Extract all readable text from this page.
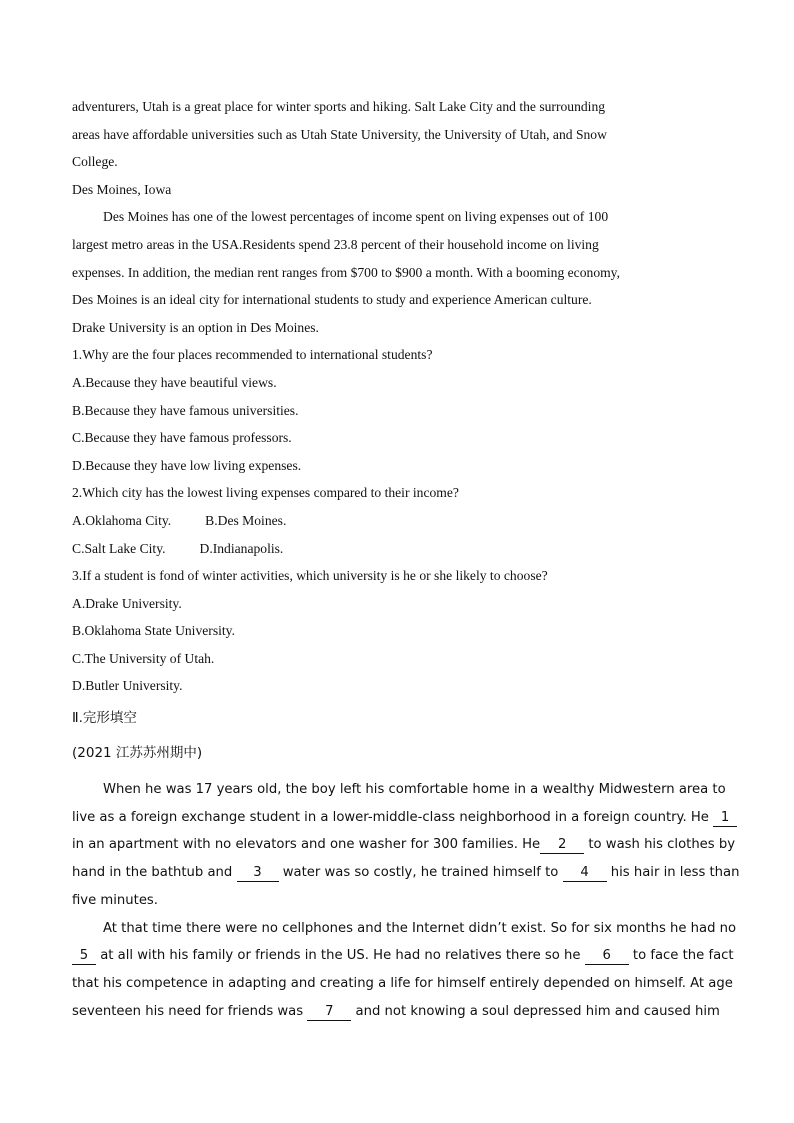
adventurers, Utah is a great place for winter sports and hiking. Salt Lake City and the surrounding
areas have affordable universities such as Utah State University, the University of Utah, and Snow
College.

Des Moines, Iowa

Des Moines has one of the lowest percentages of income spent on living expenses out of 100
largest metro areas in the USA.Residents spend 23.8 percent of their household income on living
expenses. In addition, the median rent ranges from $700 to $900 a month. With a booming economy,
Des Moines is an ideal city for international students to study and experience American culture.
Drake University is an option in Des Moines.

1.Why are the four places recommended to international students?

A.Because they have beautiful views.

B.Because they have famous universities.

C.Because they have famous professors.

D.Because they have low living expenses.

2.Which city has the lowest living expenses compared to their income?

A.Oklahoma City.	B.Des Moines.

C.Salt Lake City.	D.Indianapolis.

3.If a student is fond of winter activities, which university is he or she likely to choose?

A.Drake University.

B.Oklahoma State University.

C.The University of Utah.

D.Butler University.

Ⅱ.完形填空

(2021 江苏苏州期中)

When he was 17 years old, the boy left his comfortable home in a wealthy Midwestern area to
live as a foreign exchange student in a lower-middle-class neighborhood in a foreign country. He 1
in an apartment with no elevators and one washer for 300 families. He 2 to wash his clothes by
hand in the bathtub and 3 water was so costly, he trained himself to 4 his hair in less than
five minutes.
At that time there were no cellphones and the Internet didn’t exist. So for six months he had no
5 at all with his family or friends in the US. He had no relatives there so he 6 to face the fact
that his competence in adapting and creating a life for himself entirely depended on himself. At age
seventeen his need for friends was 7 and not knowing a soul depressed him and caused him
